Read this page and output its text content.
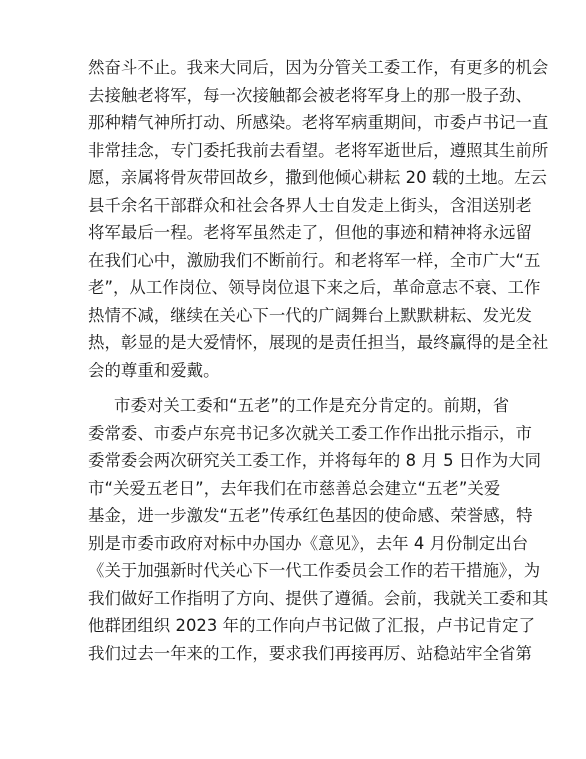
然奋斗不止。我来大同后，因为分管关工委工作，有更多的机会
去接触老将军，每一次接触都会被老将军身上的那一股子劲、
那种精气神所打动、所感染。老将军病重期间，市委卢书记一直
非常挂念，专门委托我前去看望。老将军逝世后，遵照其生前所
愿，亲属将骨灰带回故乡，撒到他倾心耕耘 20 载的土地。左云
县千余名干部群众和社会各界人士自发走上街头，含泪送别老
将军最后一程。老将军虽然走了，但他的事迹和精神将永远留
在我们心中，激励我们不断前行。和老将军一样，全市广大“五
老”，从工作岗位、领导岗位退下来之后，革命意志不衰、工作
热情不减，继续在关心下一代的广阔舞台上默默耕耘、发光发
热，彰显的是大爱情怀，展现的是责任担当，最终赢得的是全社
会的尊重和爱戴。
市委对关工委和“五老”的工作是充分肯定的。前期，省
委常委、市委卢东亮书记多次就关工委工作作出批示指示，市
委常委会两次研究关工委工作，并将每年的 8 月 5 日作为大同
市“关爱五老日”，去年我们在市慈善总会建立“五老”关爱
基金，进一步激发“五老”传承红色基因的使命感、荣誉感，特
别是市委市政府对标中办国办《意见》，去年 4 月份制定出台
《关于加强新时代关心下一代工作委员会工作的若干措施》，为
我们做好工作指明了方向、提供了遵循。会前，我就关工委和其
他群团组织 2023 年的工作向卢书记做了汇报，卢书记肯定了
我们过去一年来的工作，要求我们再接再厉、站稳站牢全省第
